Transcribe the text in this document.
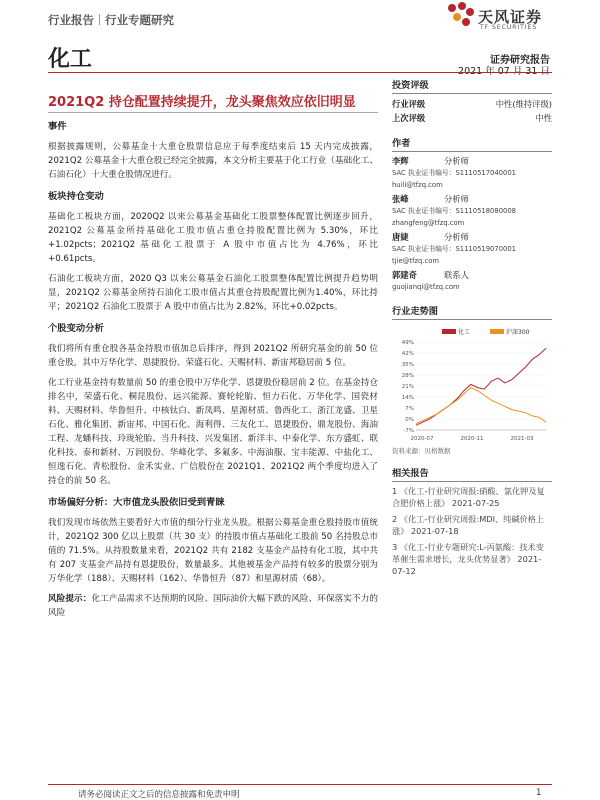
行业报告 行业专题研究	天风证券
TF SECURITIES
化工	证券研究报告
2021Q2 持仓配置持续提升，龙头聚焦效应依旧明显
事件

根据披露规则，公募基金十大重仓股票信息应于每季度结束后 15 天内完成披露，2021Q2 公募基金十大重仓股已经完全披露，本文分析主要基于化工行业（基础化工、石油石化）十大重仓股情况进行。

板块持仓变动

基础化工板块方面，2020Q2 以来公募基金基础化工股票整体配置比例逐步回升，2021Q2 公募基金所持基础化工股市值占重仓持股配置比例为 5.30%，环比+1.02pcts；2021Q2 基础化工股票于 A 股中市值占比为 4.76%，环比+0.61pcts。

石油化工板块方面，2020 Q3 以来公募基金石油化工股票整体配置比例提升趋势明显，2021Q2 公募基金所持石油化工股市值占其重仓持股配置比例为1.40%，环比持平；2021Q2 石油化工股票于 A 股中市值占比为 2.82%，环比+0.02pcts。

个股变动分析

我们将所有重仓股各基金持股市值加总后排序，得到 2021Q2 所研究基金的前 50 位重仓股，其中万华化学、恩捷股份、荣盛石化、天赐材料、新宙邦稳居前 5 位。

化工行业基金持有数量前 50 的重仓股中万华化学、恩捷股份稳居前 2 位。在基金持仓排名中，荣盛石化、桐昆股份、远兴能源、赛轮轮胎、恒力石化、万华化学、国瓷材料、天赐材料、华鲁恒升、中核钛白、新凤鸣、星源材质、鲁西化工、浙江龙盛、卫星石化、雅化集团、新宙邦、中国石化、海利得、三友化工、恩捷股份、鼎龙股份、海油工程、龙蟠科技、玲珑轮胎、当升科技、兴发集团、新洋丰、中泰化学、东方盛虹、联化科技、泰和新材、万润股份、华峰化学、多氟多、中海油服、宝丰能源、中盐化工、恒逸石化、青松股份、金禾实业、广信股份在 2021Q1、2021Q2 两个季度均进入了持仓的前 50 名。

市场偏好分析：大市值龙头股依旧受到青睐

我们发现市场依然主要看好大市值的细分行业龙头股。根据公募基金重仓股持股市值统计，2021Q2 300 亿以上股票（共 30 支）的持股市值占基础化工股前 50 名持股总市值的 71.5%。从持股数量来看，2021Q2 共有 2182 支基金产品持有化工股，其中共有 207 支基金产品持有恩捷股份，数量最多。其他被基金产品持有较多的股票分别为万华化学（188）、天赐材料（162）、华鲁恒升（87）和星源材质（68）。

风险提示：化工产品需求不达预期的风险、国际油价大幅下跌的风险、环保落实不力的风险

投资评级
行业评级	中性(维持评级)
上次评级	中性
作者
李辉	分析师
SAC 执业证书编号：S1110517040001
huili@tfzq.com
张峰	分析师
SAC 执业证书编号：S1110518080008
zhangfeng@tfzq.com
唐婕	分析师
SAC 执业证书编号：S1110519070001
tjie@tfzq.com
郭建奇	联系人
guojianqi@tfzq.com
行业走势图
-7%
0%
7%
14%
21%
28%
35%
42%
49%
2020-07	2020-11	2021-03
化工	沪深300
资料来源：贝格数据
相关报告
1 《化工-行业研究周报:硝酸、氯化钾及复合肥价格上涨》 2021-07-25
2 《化工-行业研究周报:MDI、纯碱价格上涨》 2021-07-18
3 《化工-行业专题研究:L-丙氨酸：技术变革催生需求增长，龙头优势显著》 2021-07-12
请务必阅读正文之后的信息披露和免责申明	1
